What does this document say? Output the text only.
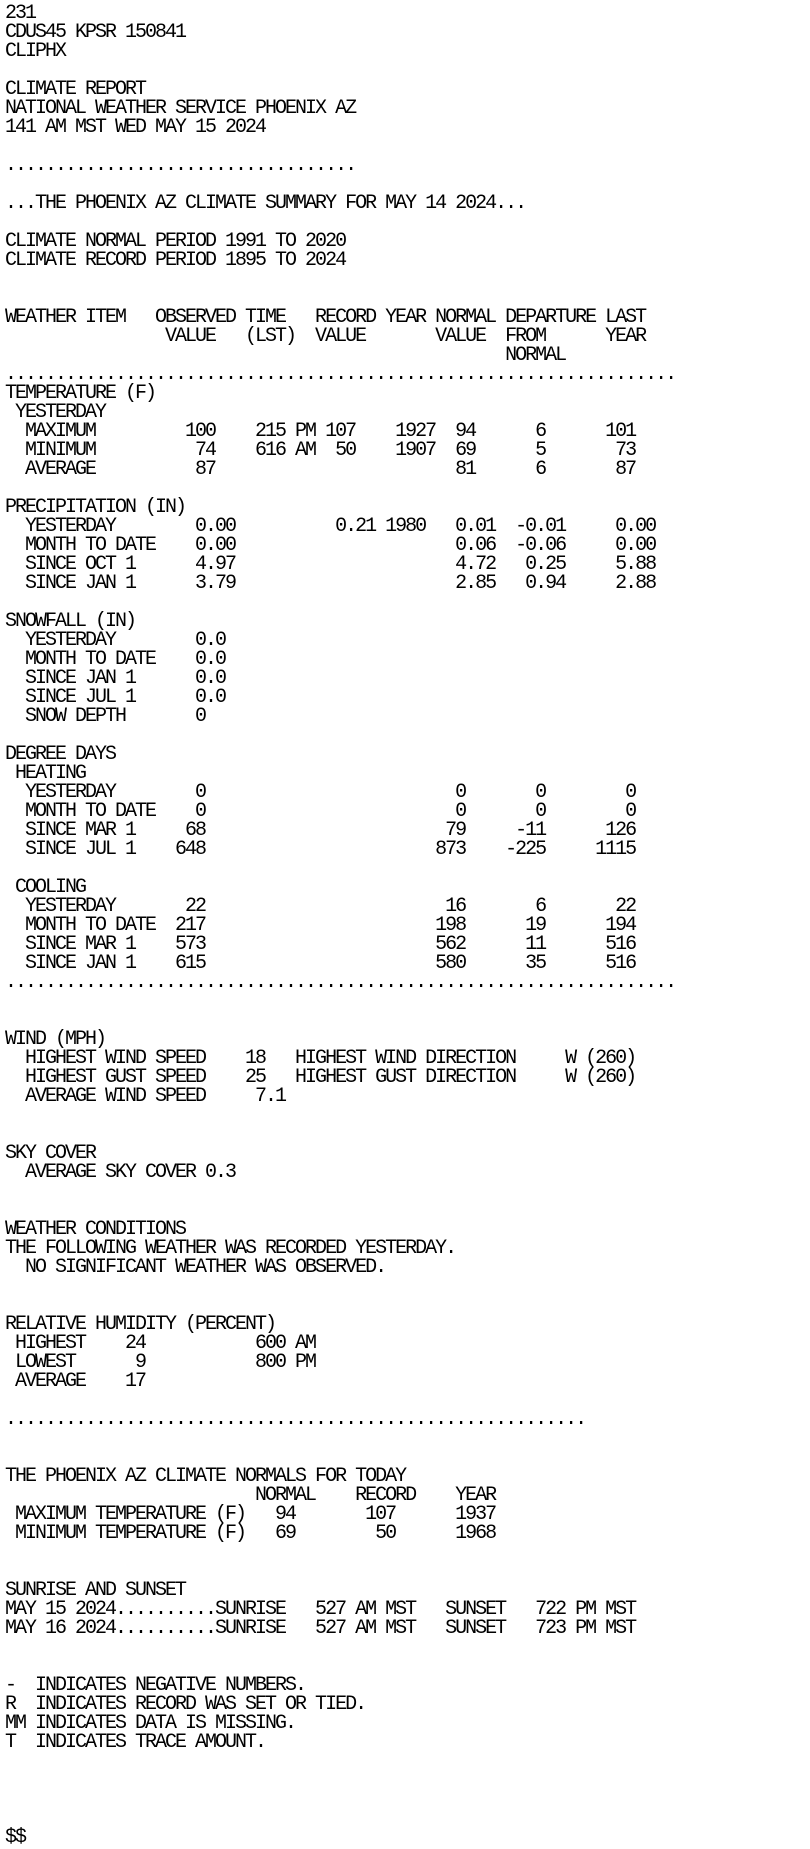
231
CDUS45 KPSR 150841
CLIPHX
CLIMATE REPORT
NATIONAL WEATHER SERVICE PHOENIX AZ
141 AM MST WED MAY 15 2024
...................................
...THE PHOENIX AZ CLIMATE SUMMARY FOR MAY 14 2024...
CLIMATE NORMAL PERIOD 1991 TO 2020
CLIMATE RECORD PERIOD 1895 TO 2024
WEATHER ITEM   OBSERVED TIME   RECORD YEAR NORMAL DEPARTURE LAST
VALUE   (LST)  VALUE       VALUE  FROM      YEAR
NORMAL
...................................................................
TEMPERATURE (F)
YESTERDAY
MAXIMUM         100    215 PM 107    1927  94      6      101
MINIMUM          74    616 AM  50    1907  69      5       73
AVERAGE          87                        81      6       87
PRECIPITATION (IN)
YESTERDAY        0.00          0.21 1980   0.01  -0.01     0.00
MONTH TO DATE    0.00                      0.06  -0.06     0.00
SINCE OCT 1      4.97                      4.72   0.25     5.88
SINCE JAN 1      3.79                      2.85   0.94     2.88
SNOWFALL (IN)
YESTERDAY        0.0
MONTH TO DATE    0.0
SINCE JAN 1      0.0
SINCE JUL 1      0.0
SNOW DEPTH       0
DEGREE DAYS
HEATING
YESTERDAY        0                         0       0        0
MONTH TO DATE    0                         0       0        0
SINCE MAR 1     68                        79     -11      126
SINCE JUL 1    648                       873    -225     1115
COOLING
YESTERDAY       22                        16       6       22
MONTH TO DATE  217                       198      19      194
SINCE MAR 1    573                       562      11      516
SINCE JAN 1    615                       580      35      516
...................................................................
WIND (MPH)
HIGHEST WIND SPEED    18   HIGHEST WIND DIRECTION     W (260)
HIGHEST GUST SPEED    25   HIGHEST GUST DIRECTION     W (260)
AVERAGE WIND SPEED     7.1
SKY COVER
AVERAGE SKY COVER 0.3
WEATHER CONDITIONS
THE FOLLOWING WEATHER WAS RECORDED YESTERDAY.
NO SIGNIFICANT WEATHER WAS OBSERVED.
RELATIVE HUMIDITY (PERCENT)
HIGHEST    24           600 AM
LOWEST      9           800 PM
AVERAGE    17
..........................................................
THE PHOENIX AZ CLIMATE NORMALS FOR TODAY
NORMAL    RECORD    YEAR
MAXIMUM TEMPERATURE (F)   94       107      1937
MINIMUM TEMPERATURE (F)   69        50      1968
SUNRISE AND SUNSET
MAY 15 2024..........SUNRISE   527 AM MST   SUNSET   722 PM MST
MAY 16 2024..........SUNRISE   527 AM MST   SUNSET   723 PM MST
-  INDICATES NEGATIVE NUMBERS.
R  INDICATES RECORD WAS SET OR TIED.
MM INDICATES DATA IS MISSING.
T  INDICATES TRACE AMOUNT.
$$
